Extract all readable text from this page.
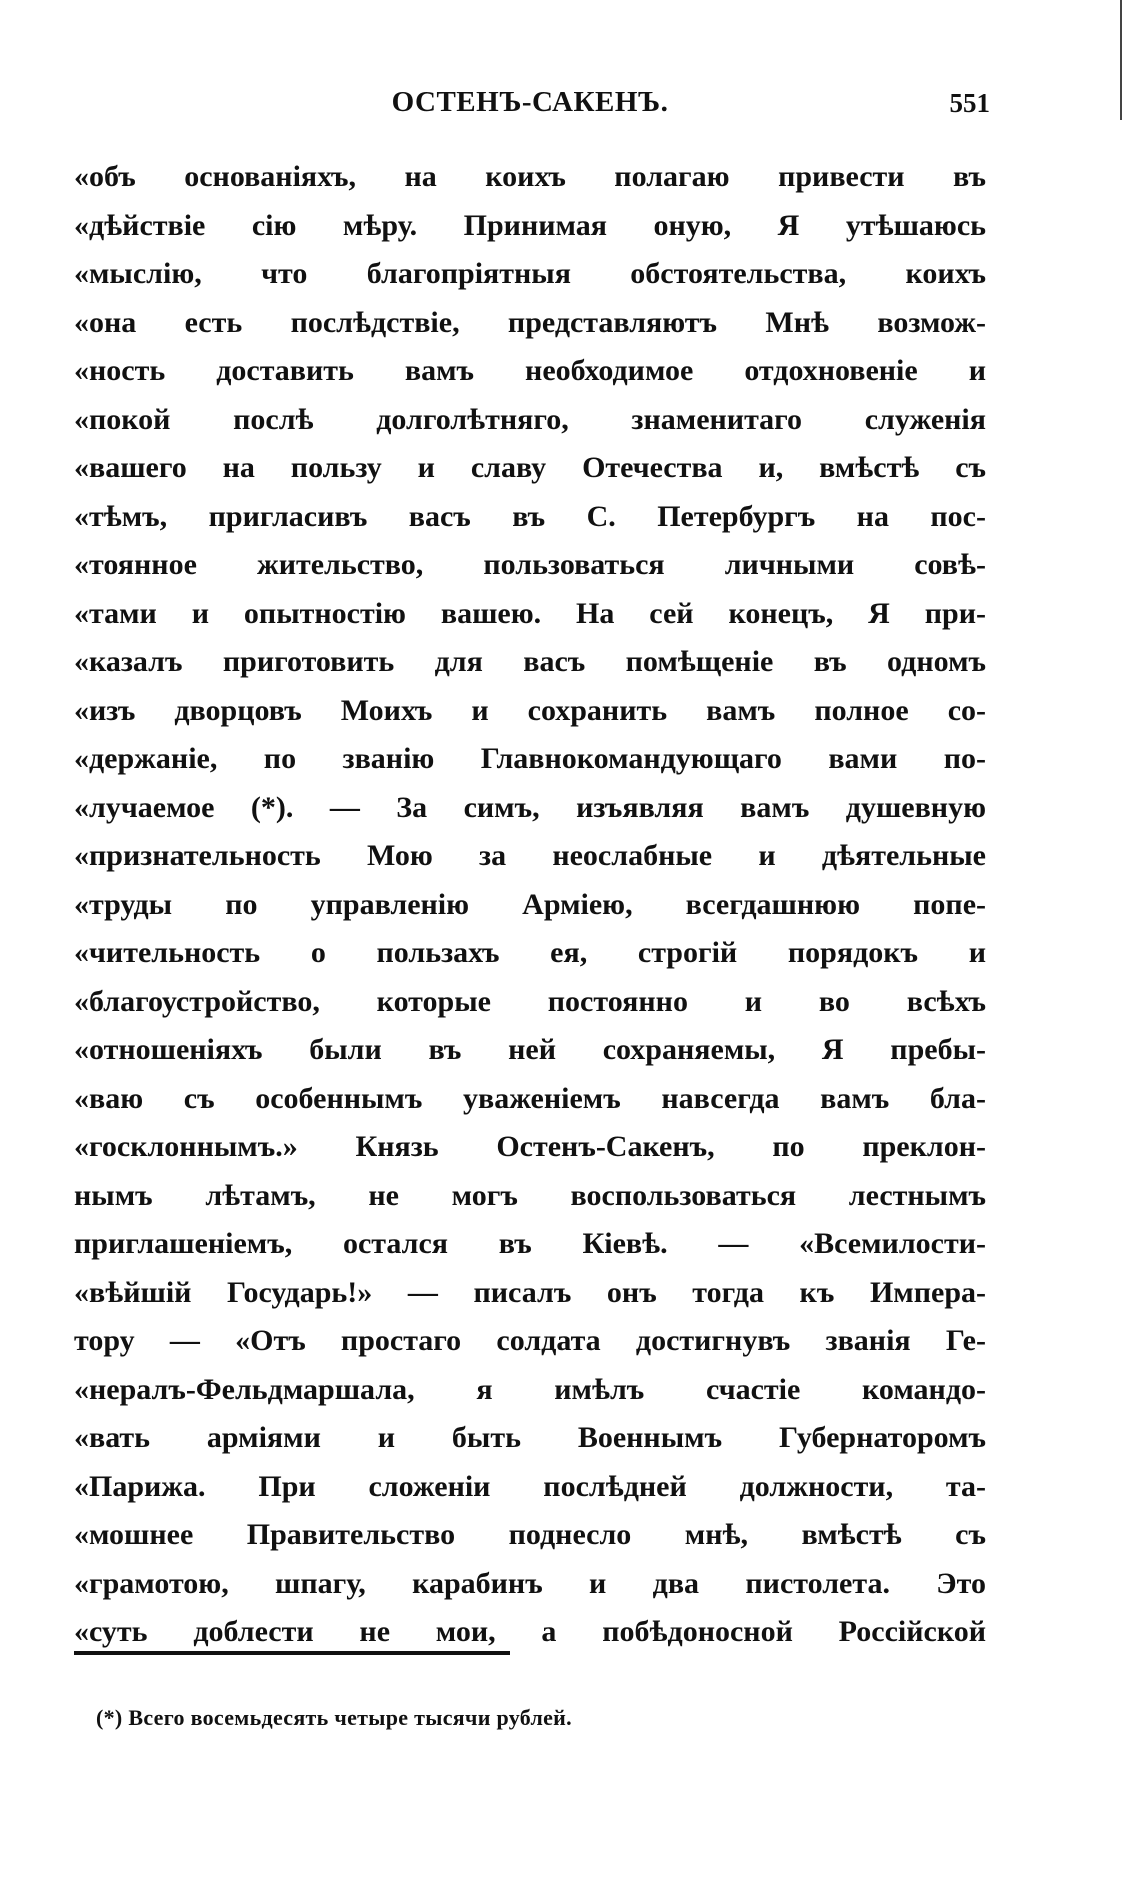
ОСТЕНЪ-САКЕНЪ.	551
«объ основаніяхъ, на коихъ полагаю привести въ
«дѣйствіе сію мѣру. Принимая оную, Я утѣшаюсь
«мыслію, что благопріятныя обстоятельства, коихъ
«она есть послѣдствіе, представляютъ Мнѣ возмож-
«ность доставить вамъ необходимое отдохновеніе и
«покой послѣ долголѣтняго, знаменитаго служенія
«вашего на пользу и славу Отечества и, вмѣстѣ съ
«тѣмъ, пригласивъ васъ въ С. Петербургъ на пос-
«тоянное жительство, пользоваться личными совѣ-
«тами и опытностію вашею. На сей конецъ, Я при-
«казалъ приготовить для васъ помѣщеніе въ одномъ
«изъ дворцовъ Моихъ и сохранить вамъ полное со-
«держаніе, по званію Главнокомандующаго вами по-
«лучаемое (*). — За симъ, изъявляя вамъ душевную
«признательность Мою за неослабные и дѣятельные
«труды по управленію Арміею, всегдашнюю попе-
«чительность о пользахъ ея, строгій порядокъ и
«благоустройство, которые постоянно и во всѣхъ
«отношеніяхъ были въ ней сохраняемы, Я пребы-
«ваю съ особеннымъ уваженіемъ навсегда вамъ бла-
«госклоннымъ.» Князь Остенъ-Сакенъ, по преклон-
нымъ лѣтамъ, не могъ воспользоваться лестнымъ
приглашеніемъ, остался въ Кіевѣ. — «Всемилости-
«вѣйшій Государь!» — писалъ онъ тогда къ Импера-
тору — «Отъ простаго солдата достигнувъ званія Ге-
«нералъ-Фельдмаршала, я имѣлъ счастіе командо-
«вать арміями и быть Военнымъ Губернаторомъ
«Парижа. При сложеніи послѣдней должности, та-
«мошнее Правительство поднесло мнѣ, вмѣстѣ съ
«грамотою, шпагу, карабинъ и два пистолета. Это
«суть доблести не мои, а побѣдоносной Россійской
(*) Всего восемьдесять четыре тысячи рублей.
